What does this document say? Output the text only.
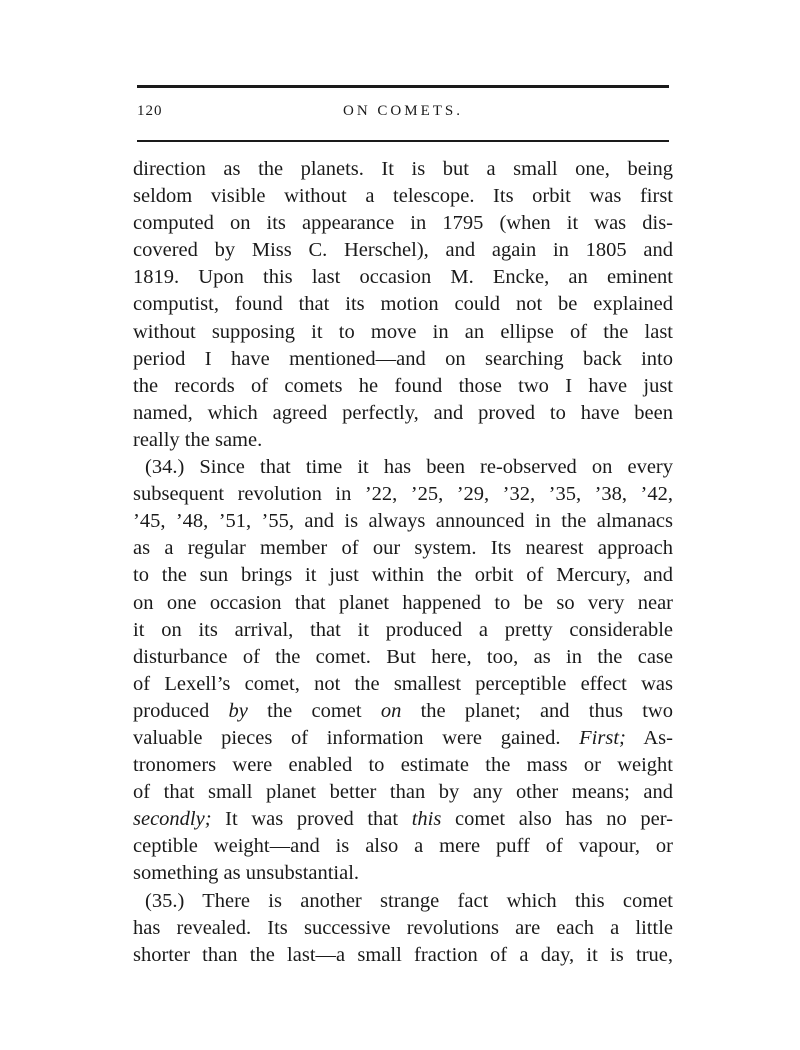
120	ON COMETS.
direction as the planets. It is but a small one, being
seldom visible without a telescope. Its orbit was first
computed on its appearance in 1795 (when it was dis-
covered by Miss C. Herschel), and again in 1805 and
1819. Upon this last occasion M. Encke, an eminent
computist, found that its motion could not be explained
without supposing it to move in an ellipse of the last
period I have mentioned—and on searching back into
the records of comets he found those two I have just
named, which agreed perfectly, and proved to have been
really the same.
(34.) Since that time it has been re-observed on every
subsequent revolution in ’22, ’25, ’29, ’32, ’35, ’38, ’42,
’45, ’48, ’51, ’55, and is always announced in the almanacs
as a regular member of our system. Its nearest approach
to the sun brings it just within the orbit of Mercury, and
on one occasion that planet happened to be so very near
it on its arrival, that it produced a pretty considerable
disturbance of the comet. But here, too, as in the case
of Lexell’s comet, not the smallest perceptible effect was
produced by the comet on the planet; and thus two
valuable pieces of information were gained. First; As-
tronomers were enabled to estimate the mass or weight
of that small planet better than by any other means; and
secondly; It was proved that this comet also has no per-
ceptible weight—and is also a mere puff of vapour, or
something as unsubstantial.
(35.) There is another strange fact which this comet
has revealed. Its successive revolutions are each a little
shorter than the last—a small fraction of a day, it is true,
